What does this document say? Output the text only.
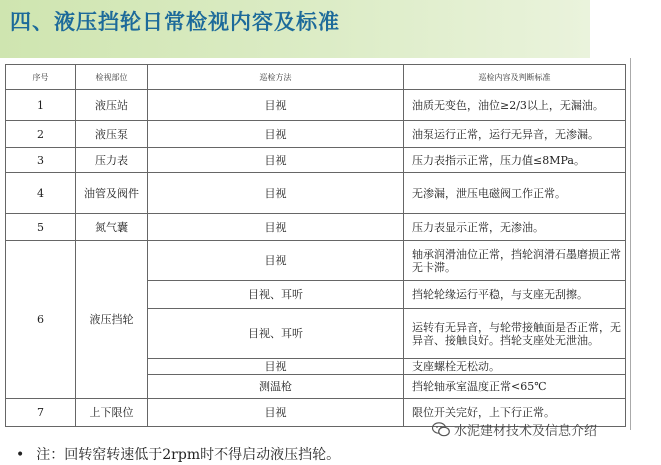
四、液压挡轮日常检视内容及标准
序号	检视部位	巡检方法	巡检内容及判断标准
1	液压站	目视	油质无变色，油位≥2/3以上，无漏油。
2	液压泵	目视	油泵运行正常，运行无异音，无渗漏。
3	压力表	目视	压力表指示正常，压力值≤8MPa。
4	油管及阀件	目视	无渗漏，泄压电磁阀工作正常。
5	氮气囊	目视	压力表显示正常，无渗油。
6	液压挡轮	目视	轴承润滑油位正常，挡轮润滑石墨磨损正常无卡滞。
		目视、耳听	挡轮轮缘运行平稳，与支座无刮擦。
		目视、耳听	运转有无异音，与轮带接触面是否正常，无异音、接触良好。挡轮支座处无泄油。
		目视	支座螺栓无松动。
		测温枪	挡轮轴承室温度正常<65℃
7	上下限位	目视	限位开关完好，上下行正常。
水泥建材技术及信息介绍
• 注：回转窑转速低于2rpm时不得启动液压挡轮。
